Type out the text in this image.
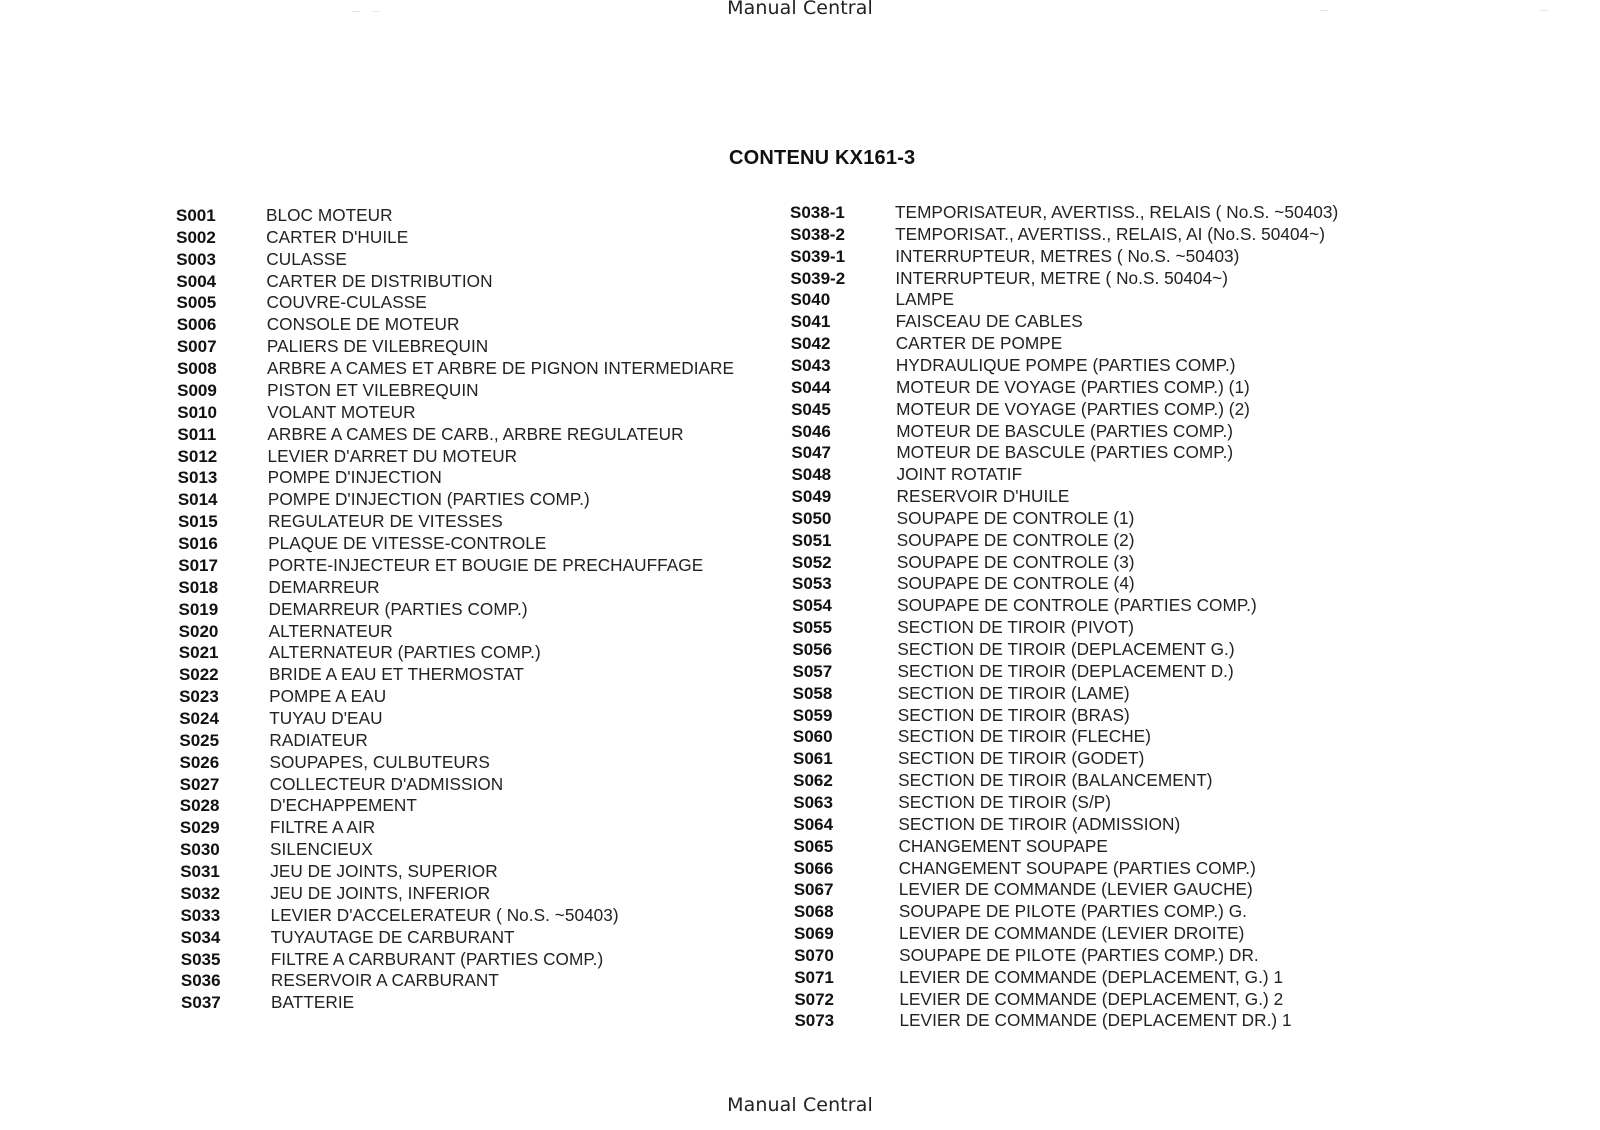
Manual Central
CONTENU KX161-3
S001	BLOC MOTEUR
S002	CARTER D'HUILE
S003	CULASSE
S004	CARTER DE DISTRIBUTION
S005	COUVRE-CULASSE
S006	CONSOLE DE MOTEUR
S007	PALIERS DE VILEBREQUIN
S008	ARBRE A CAMES ET ARBRE DE PIGNON INTERMEDIARE
S009	PISTON ET VILEBREQUIN
S010	VOLANT MOTEUR
S011	ARBRE A CAMES DE CARB., ARBRE REGULATEUR
S012	LEVIER D'ARRET DU MOTEUR
S013	POMPE D'INJECTION
S014	POMPE D'INJECTION (PARTIES COMP.)
S015	REGULATEUR DE VITESSES
S016	PLAQUE DE VITESSE-CONTROLE
S017	PORTE-INJECTEUR ET BOUGIE DE PRECHAUFFAGE
S018	DEMARREUR
S019	DEMARREUR (PARTIES COMP.)
S020	ALTERNATEUR
S021	ALTERNATEUR (PARTIES COMP.)
S022	BRIDE A EAU ET THERMOSTAT
S023	POMPE A EAU
S024	TUYAU D'EAU
S025	RADIATEUR
S026	SOUPAPES, CULBUTEURS
S027	COLLECTEUR D'ADMISSION
S028	D'ECHAPPEMENT
S029	FILTRE A AIR
S030	SILENCIEUX
S031	JEU DE JOINTS, SUPERIOR
S032	JEU DE JOINTS, INFERIOR
S033	LEVIER D'ACCELERATEUR ( No.S. ~50403)
S034	TUYAUTAGE DE CARBURANT
S035	FILTRE A CARBURANT (PARTIES COMP.)
S036	RESERVOIR A CARBURANT
S037	BATTERIE
S038-1	TEMPORISATEUR, AVERTISS., RELAIS ( No.S. ~50403)
S038-2	TEMPORISAT., AVERTISS., RELAIS, AI (No.S. 50404~)
S039-1	INTERRUPTEUR, METRES ( No.S. ~50403)
S039-2	INTERRUPTEUR, METRE ( No.S. 50404~)
S040	LAMPE
S041	FAISCEAU DE CABLES
S042	CARTER DE POMPE
S043	HYDRAULIQUE POMPE (PARTIES COMP.)
S044	MOTEUR DE VOYAGE (PARTIES COMP.) (1)
S045	MOTEUR DE VOYAGE (PARTIES COMP.) (2)
S046	MOTEUR DE BASCULE (PARTIES COMP.)
S047	MOTEUR DE BASCULE (PARTIES COMP.)
S048	JOINT ROTATIF
S049	RESERVOIR D'HUILE
S050	SOUPAPE DE CONTROLE (1)
S051	SOUPAPE DE CONTROLE (2)
S052	SOUPAPE DE CONTROLE (3)
S053	SOUPAPE DE CONTROLE (4)
S054	SOUPAPE DE CONTROLE (PARTIES COMP.)
S055	SECTION DE TIROIR (PIVOT)
S056	SECTION DE TIROIR (DEPLACEMENT G.)
S057	SECTION DE TIROIR (DEPLACEMENT D.)
S058	SECTION DE TIROIR (LAME)
S059	SECTION DE TIROIR (BRAS)
S060	SECTION DE TIROIR (FLECHE)
S061	SECTION DE TIROIR (GODET)
S062	SECTION DE TIROIR (BALANCEMENT)
S063	SECTION DE TIROIR (S/P)
S064	SECTION DE TIROIR (ADMISSION)
S065	CHANGEMENT SOUPAPE
S066	CHANGEMENT SOUPAPE (PARTIES COMP.)
S067	LEVIER DE COMMANDE (LEVIER GAUCHE)
S068	SOUPAPE DE PILOTE (PARTIES COMP.) G.
S069	LEVIER DE COMMANDE (LEVIER DROITE)
S070	SOUPAPE DE PILOTE (PARTIES COMP.) DR.
S071	LEVIER DE COMMANDE (DEPLACEMENT, G.) 1
S072	LEVIER DE COMMANDE (DEPLACEMENT, G.) 2
S073	LEVIER DE COMMANDE (DEPLACEMENT DR.) 1
Manual Central
